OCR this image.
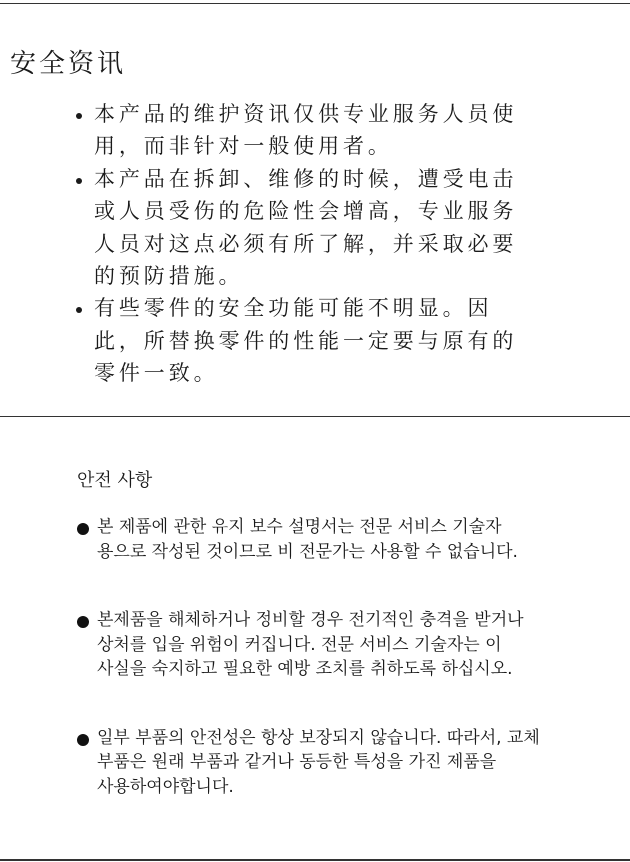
安全资讯
本产品的维护资讯仅供专业服务人员使用，而非针对一般使用者。
本产品在拆卸、维修的时候，遭受电击或人员受伤的危险性会增高，专业服务人员对这点必须有所了解，并采取必要的预防措施。
有些零件的安全功能可能不明显。因此，所替换零件的性能一定要与原有的零件一致。
안전 사항
본 제품에 관한 유지 보수 설명서는 전문 서비스 기술자 용으로 작성된 것이므로 비 전문가는 사용할 수 없습니다.
본제품을 해체하거나 정비할 경우 전기적인 충격을 받거나 상처를 입을 위험이 커집니다. 전문 서비스 기술자는 이 사실을 숙지하고 필요한 예방 조치를 취하도록 하십시오.
일부 부품의 안전성은 항상 보장되지 않습니다. 따라서, 교체 부품은 원래 부품과 같거나 동등한 특성을 가진 제품을 사용하여야합니다.
